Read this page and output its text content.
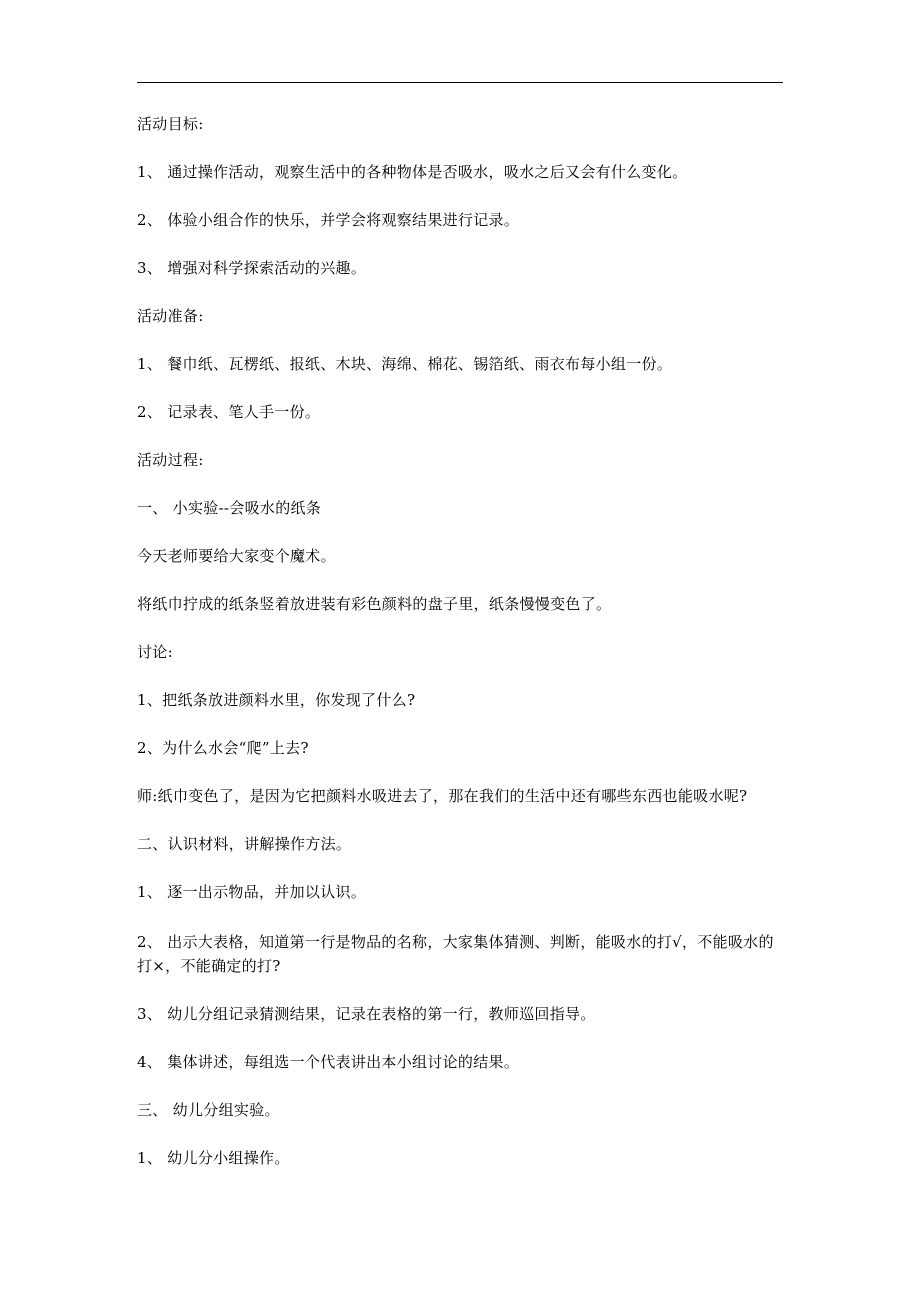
活动目标:
1、 通过操作活动，观察生活中的各种物体是否吸水，吸水之后又会有什么变化。
2、 体验小组合作的快乐，并学会将观察结果进行记录。
3、 增强对科学探索活动的兴趣。
活动准备:
1、 餐巾纸、瓦楞纸、报纸、木块、海绵、棉花、锡箔纸、雨衣布每小组一份。
2、 记录表、笔人手一份。
活动过程:
一、 小实验--会吸水的纸条
今天老师要给大家变个魔术。
将纸巾拧成的纸条竖着放进装有彩色颜料的盘子里，纸条慢慢变色了。
讨论:
1、把纸条放进颜料水里，你发现了什么?
2、为什么水会“爬”上去?
师:纸巾变色了，是因为它把颜料水吸进去了，那在我们的生活中还有哪些东西也能吸水呢?
二、认识材料，讲解操作方法。
1、 逐一出示物品，并加以认识。
2、 出示大表格，知道第一行是物品的名称，大家集体猜测、判断，能吸水的打√，不能吸水的打×，不能确定的打?
3、 幼儿分组记录猜测结果，记录在表格的第一行，教师巡回指导。
4、 集体讲述，每组选一个代表讲出本小组讨论的结果。
三、 幼儿分组实验。
1、 幼儿分小组操作。
